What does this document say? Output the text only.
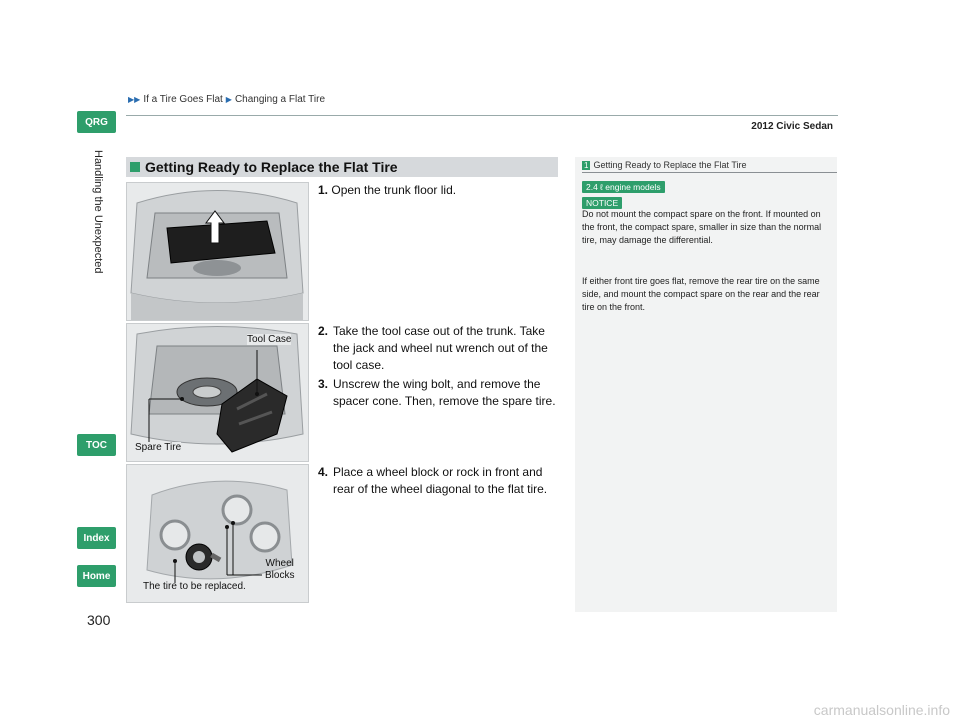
▶▶ If a Tire Goes Flat ▶ Changing a Flat Tire
2012 Civic Sedan
QRG
TOC
Index
Home
Handling the Unexpected
300
Getting Ready to Replace the Flat Tire
Tool Case
Spare Tire
Wheel
Blocks
The tire to be replaced.
1. Open the trunk floor lid.
2. Take the tool case out of the trunk. Take the jack and wheel nut wrench out of the tool case.
3. Unscrew the wing bolt, and remove the spacer cone. Then, remove the spare tire.
4. Place a wheel block or rock in front and rear of the wheel diagonal to the flat tire.
1 Getting Ready to Replace the Flat Tire
2.4 ℓ engine models
NOTICE
Do not mount the compact spare on the front. If mounted on the front, the compact spare, smaller in size than the normal tire, may damage the differential.
If either front tire goes flat, remove the rear tire on the same side, and mount the compact spare on the rear and the rear tire on the front.
carmanualsonline.info
